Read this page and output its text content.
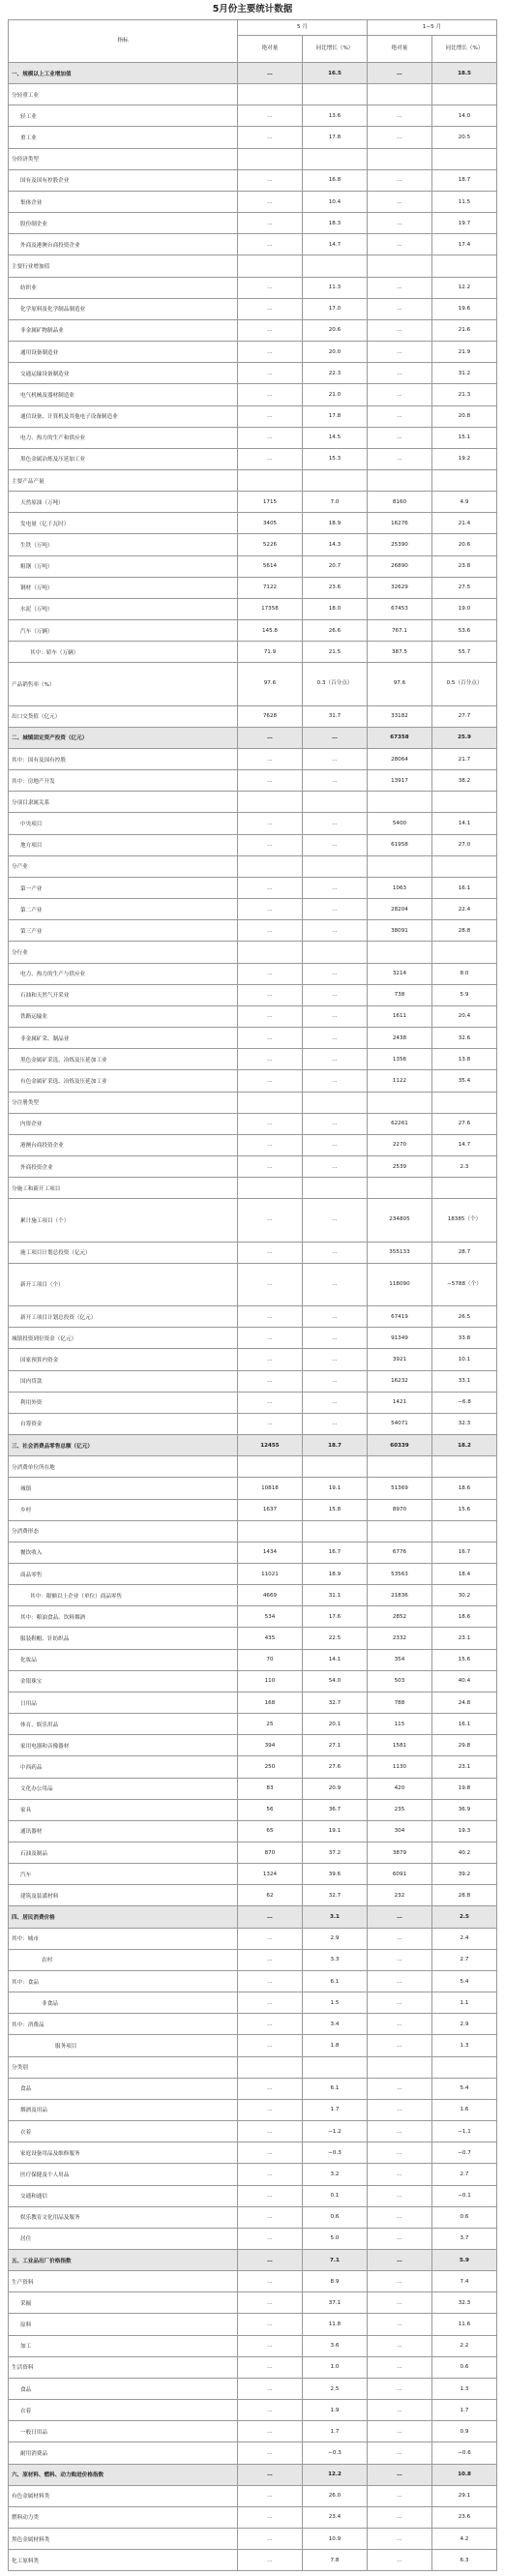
5月份主要统计数据
指标	5 月		1−5 月	
	绝对量	同比增长（%）	绝对量	同比增长（%）
一、规模以上工业增加值	…	16.5	…	18.5
分轻重工业				
轻工业	…	13.6	…	14.0
重工业	…	17.8	…	20.5
分经济类型				
国有及国有控股企业	…	16.8	…	18.7
集体企业	…	10.4	…	11.5
股份制企业	…	18.3	…	19.7
外商及港澳台商投资企业	…	14.7	…	17.4
主要行业增加值				
纺织业	…	11.3	…	12.2
化学原料及化学制品制造业	…	17.0	…	19.6
非金属矿物制品业	…	20.6	…	21.6
通用设备制造业	…	20.0	…	21.9
交通运输设备制造业	…	22.3	…	31.2
电气机械及器材制造业	…	21.0	…	21.3
通信设备、计算机及其他电子设备制造业	…	17.8	…	20.8
电力、热力的生产和供应业	…	14.5	…	15.1
黑色金属冶炼及压延加工业	…	15.3	…	19.2
主要产品产量				
天然原油（万吨）	1715	7.0	8160	4.9
发电量（亿千瓦时）	3405	18.9	16276	21.4
生铁（万吨）	5226	14.3	25390	20.6
粗钢（万吨）	5614	20.7	26890	23.8
钢材（万吨）	7122	23.6	32629	27.5
水泥（万吨）	17358	18.0	67453	19.0
汽车（万辆）	145.8	26.6	767.1	53.6
其中：轿车（万辆）	71.9	21.5	387.5	55.7
产品销售率（%）	97.6	0.3（百分点）	97.6	0.5（百分点）
出口交货值（亿元）	7628	31.7	33182	27.7
二、城镇固定资产投资（亿元）	…	…	67358	25.9
其中：国有及国有控股	…	…	28064	21.7
其中：房地产开发	…	…	13917	38.2
分项目隶属关系				
中央项目	…	…	5400	14.1
地方项目	…	…	61958	27.0
分产业				
第一产业	…	…	1063	16.1
第二产业	…	…	28204	22.4
第三产业	…	…	38091	28.8
分行业				
电力、热力的生产与供应业	…	…	3214	8.0
石油和天然气开采业	…	…	738	5.9
铁路运输业	…	…	1611	20.4
非金属矿采、制品业	…	…	2438	32.6
黑色金属矿采选、冶炼及压延加工业	…	…	1356	13.8
有色金属矿采选、冶炼及压延加工业	…	…	1122	35.4
分注册类型				
内资企业	…	…	62261	27.6
港澳台商投资企业	…	…	2270	14.7
外商投资企业	…	…	2539	2.3
分施工和新开工项目				
累计施工项目（个）	…	…	234805	18385（个）
施工项目计划总投资（亿元）	…	…	355133	28.7
新开工项目（个）	…	…	118090	−5788（个）
新开工项目计划总投资（亿元）	…	…	67419	26.5
城镇投资到位资金（亿元）	…	…	91349	33.8
国家预算内资金	…	…	3921	10.1
国内贷款	…	…	16232	33.1
利用外资	…	…	1421	−6.8
自筹资金	…	…	54071	32.3
三、社会消费品零售总额（亿元）	12455	18.7	60339	18.2
分消费单位所在地				
城镇	10818	19.1	51369	18.6
乡村	1637	15.8	8970	15.6
分消费形态				
餐饮收入	1434	16.7	6776	16.7
商品零售	11021	18.9	53563	18.4
其中：限额以上企业（单位）商品零售	4669	31.1	21836	30.2
其中：粮油食品、饮料烟酒	534	17.6	2852	18.6
服装鞋帽、针纺织品	435	22.5	2332	23.1
化妆品	70	14.1	354	15.6
金银珠宝	110	54.0	503	40.4
日用品	168	32.7	788	24.8
体育、娱乐用品	25	20.1	115	16.1
家用电器和音像器材	394	27.1	1581	29.8
中西药品	250	27.6	1130	23.1
文化办公用品	83	20.9	420	19.8
家具	56	36.7	235	36.9
通讯器材	65	19.1	304	19.3
石油及制品	870	37.2	3879	40.2
汽车	1324	39.6	6091	39.2
建筑及装潢材料	62	32.7	232	28.8
四、居民消费价格	…	3.1	…	2.5
其中：城市	…	2.9	…	2.4
农村	…	3.3	…	2.7
其中：食品	…	6.1	…	5.4
非食品	…	1.5	…	1.1
其中：消费品	…	3.4	…	2.9
服务项目	…	1.8	…	1.3
分类别				
食品	…	6.1	…	5.4
烟酒及用品	…	1.7	…	1.6
衣着	…	−1.2	…	−1.1
家庭设备用品及维修服务	…	−0.3	…	−0.7
医疗保健及个人用品	…	3.2	…	2.7
交通和通信	…	0.1	…	−0.1
娱乐教育文化用品及服务	…	0.6	…	0.6
居住	…	5.0	…	3.7
五、工业品出厂价格指数	…	7.1	…	5.9
生产资料	…	8.9	…	7.4
采掘	…	37.1	…	32.3
原料	…	11.8	…	11.6
加工	…	3.6	…	2.2
生活资料	…	1.0	…	0.6
食品	…	2.5	…	1.3
衣着	…	1.9	…	1.7
一般日用品	…	1.7	…	0.9
耐用消费品	…	−0.3	…	−0.6
六、原材料、燃料、动力购进价格指数	…	12.2	…	10.8
有色金属材料类	…	26.0	…	29.1
燃料动力类	…	23.4	…	23.6
黑色金属材料类	…	10.9	…	4.2
化工原料类	…	7.8	…	6.3
